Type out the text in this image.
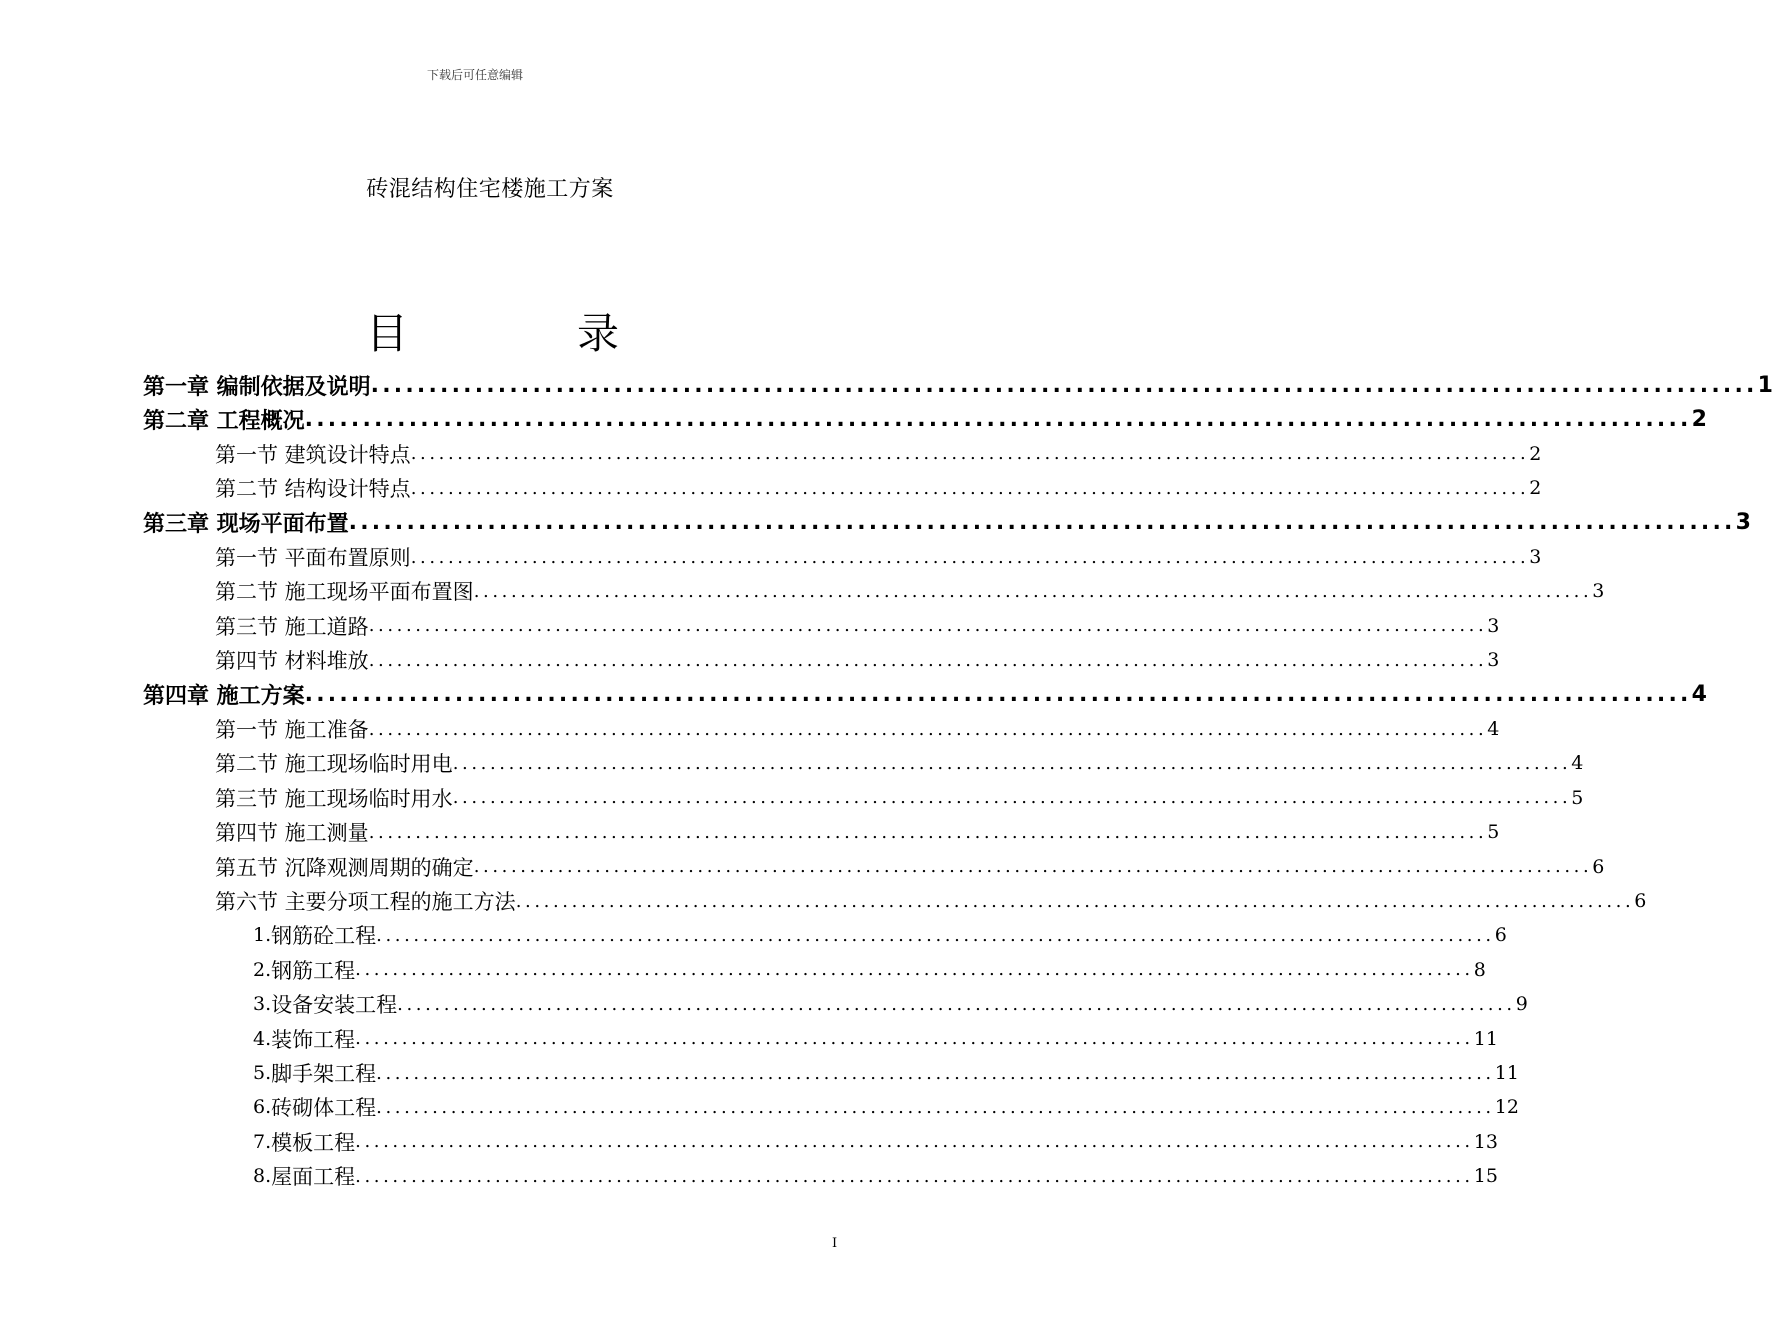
下载后可任意编辑
砖混结构住宅楼施工方案
目	录
第一章 编制依据及说明 ........................................................................................................................ 1
第二章 工程概况 ........................................................................................................................ 2
第一节 建筑设计特点 ........................................................................................................................ 2
第二节 结构设计特点 ........................................................................................................................ 2
第三章 现场平面布置 ........................................................................................................................ 3
第一节 平面布置原则 ........................................................................................................................ 3
第二节 施工现场平面布置图 ........................................................................................................................ 3
第三节 施工道路 ........................................................................................................................ 3
第四节 材料堆放 ........................................................................................................................ 3
第四章 施工方案 ........................................................................................................................ 4
第一节 施工准备 ........................................................................................................................ 4
第二节 施工现场临时用电 ........................................................................................................................ 4
第三节 施工现场临时用水 ........................................................................................................................ 5
第四节 施工测量 ........................................................................................................................ 5
第五节 沉降观测周期的确定 ........................................................................................................................ 6
第六节 主要分项工程的施工方法 ........................................................................................................................ 6
1. 钢筋砼工程 ........................................................................................................................ 6
2. 钢筋工程 ........................................................................................................................ 8
3. 设备安装工程 ........................................................................................................................ 9
4. 装饰工程 ........................................................................................................................ 11
5. 脚手架工程 ........................................................................................................................ 11
6. 砖砌体工程 ........................................................................................................................ 12
7. 模板工程 ........................................................................................................................ 13
8. 屋面工程 ........................................................................................................................ 15
I
